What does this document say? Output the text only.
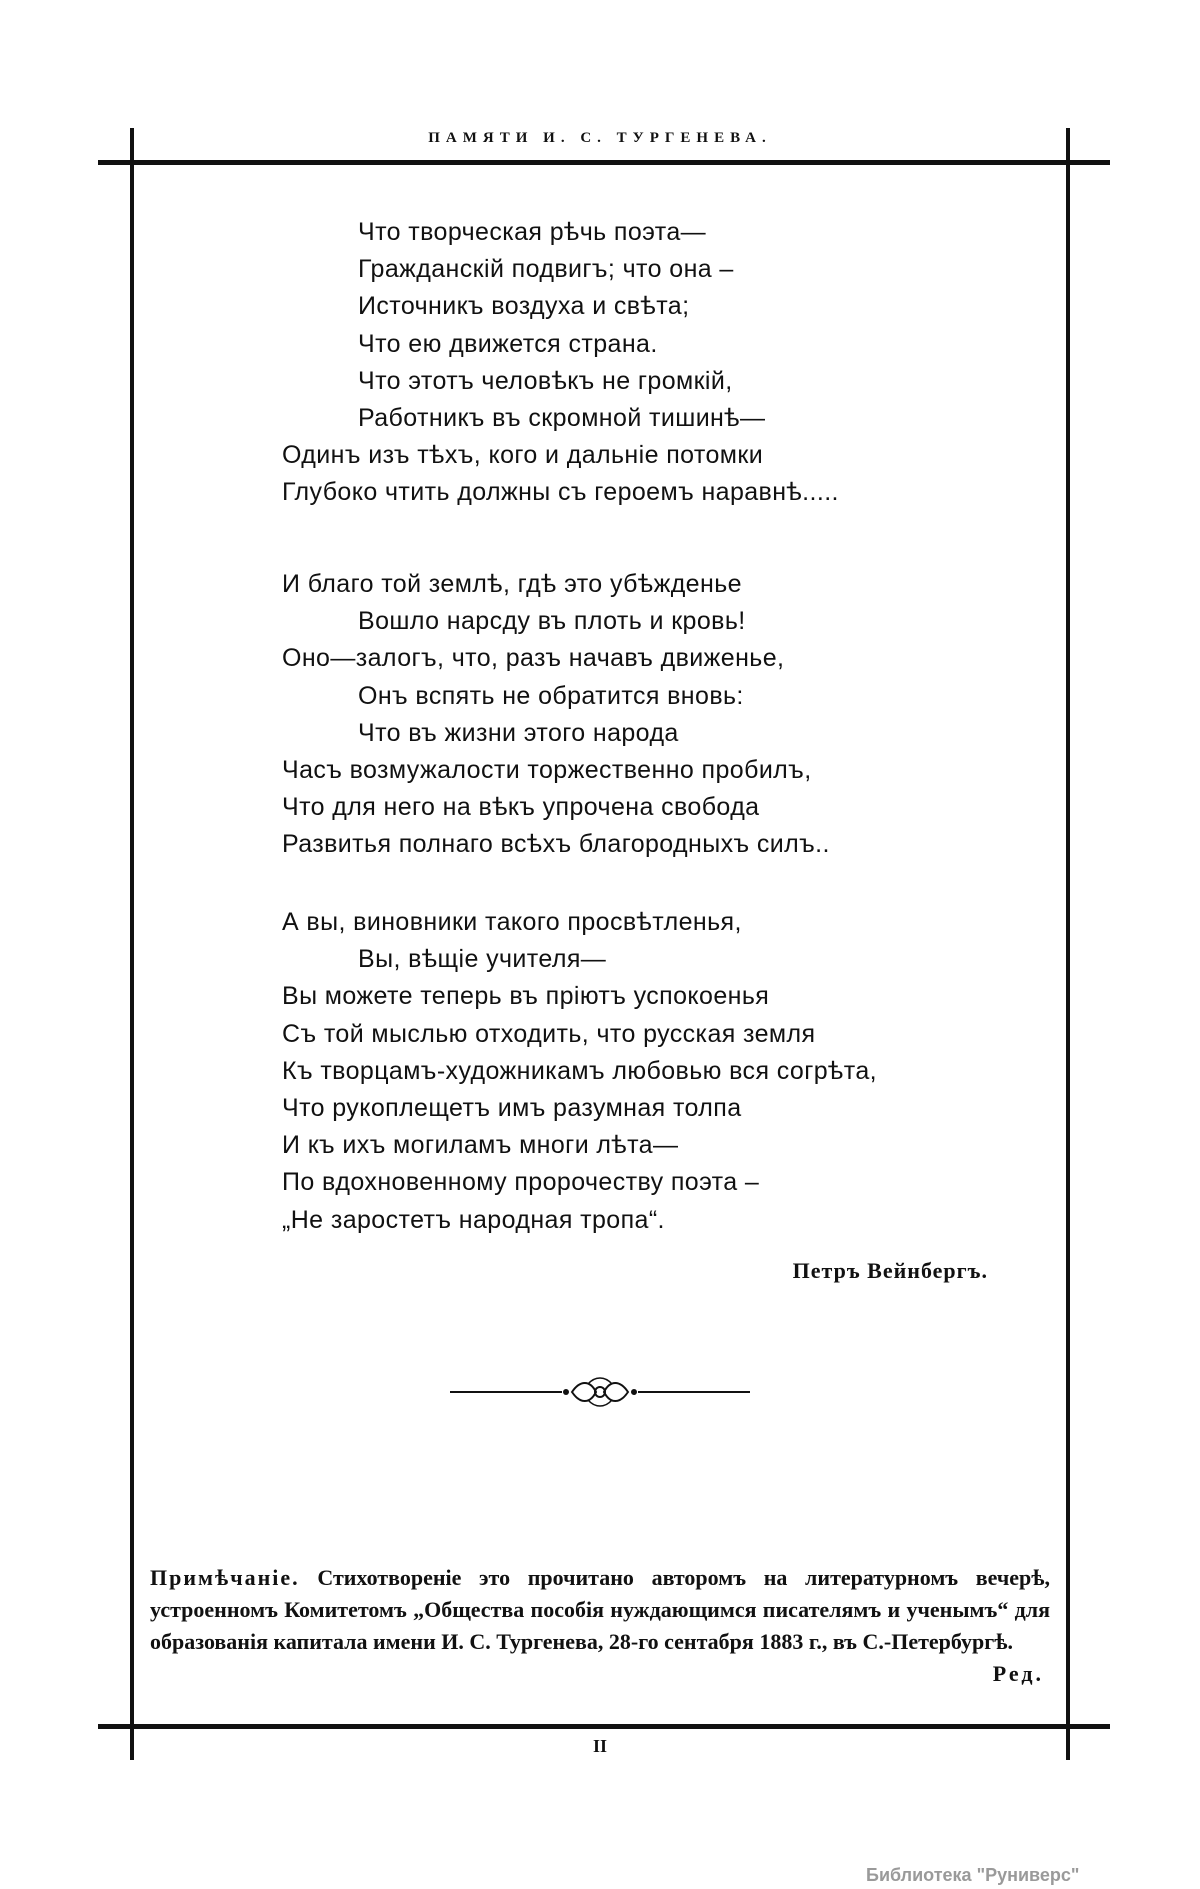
ПАМЯТИ И. С. ТУРГЕНЕВА.
Что творческая рѣчь поэта—
Гражданскій подвигъ; что она –
Источникъ воздуха и свѣта;
Что ею движется страна.
Что этотъ человѣкъ не громкій,
Работникъ въ скромной тишинѣ—
Одинъ изъ тѣхъ, кого и дальніе потомки
Глубоко чтить должны съ героемъ наравнѣ.....
И благо той землѣ, гдѣ это убѣжденье
Вошло нарсду въ плоть и кровь!
Оно—залогъ, что, разъ начавъ движенье,
Онъ вспять не обратится вновь:
Что въ жизни этого народа
Часъ возмужалости торжественно пробилъ,
Что для него на вѣкъ упрочена свобода
Развитья полнаго всѣхъ благородныхъ силъ..
А вы, виновники такого просвѣтленья,
Вы, вѣщіе учителя—
Вы можете теперь въ пріютъ успокоенья
Съ той мыслью отходить, что русская земля
Къ творцамъ-художникамъ любовью вся согрѣта,
Что рукоплещетъ имъ разумная толпа
И къ ихъ могиламъ многи лѣта—
По вдохновенному пророчеству поэта –
„Не заростетъ народная тропа“.
Петръ Вейнбергъ.
Примѣчаніе. Стихотвореніе это прочитано авторомъ на литературномъ вечерѣ, устроенномъ Комитетомъ „Общества пособія нуждающимся писателямъ и ученымъ“ для образованія капитала имени И. С. Тургенева, 28-го сентабря 1883 г., въ С.-Петербургѣ.
Ред.
II
Библиотека "Руниверс"
